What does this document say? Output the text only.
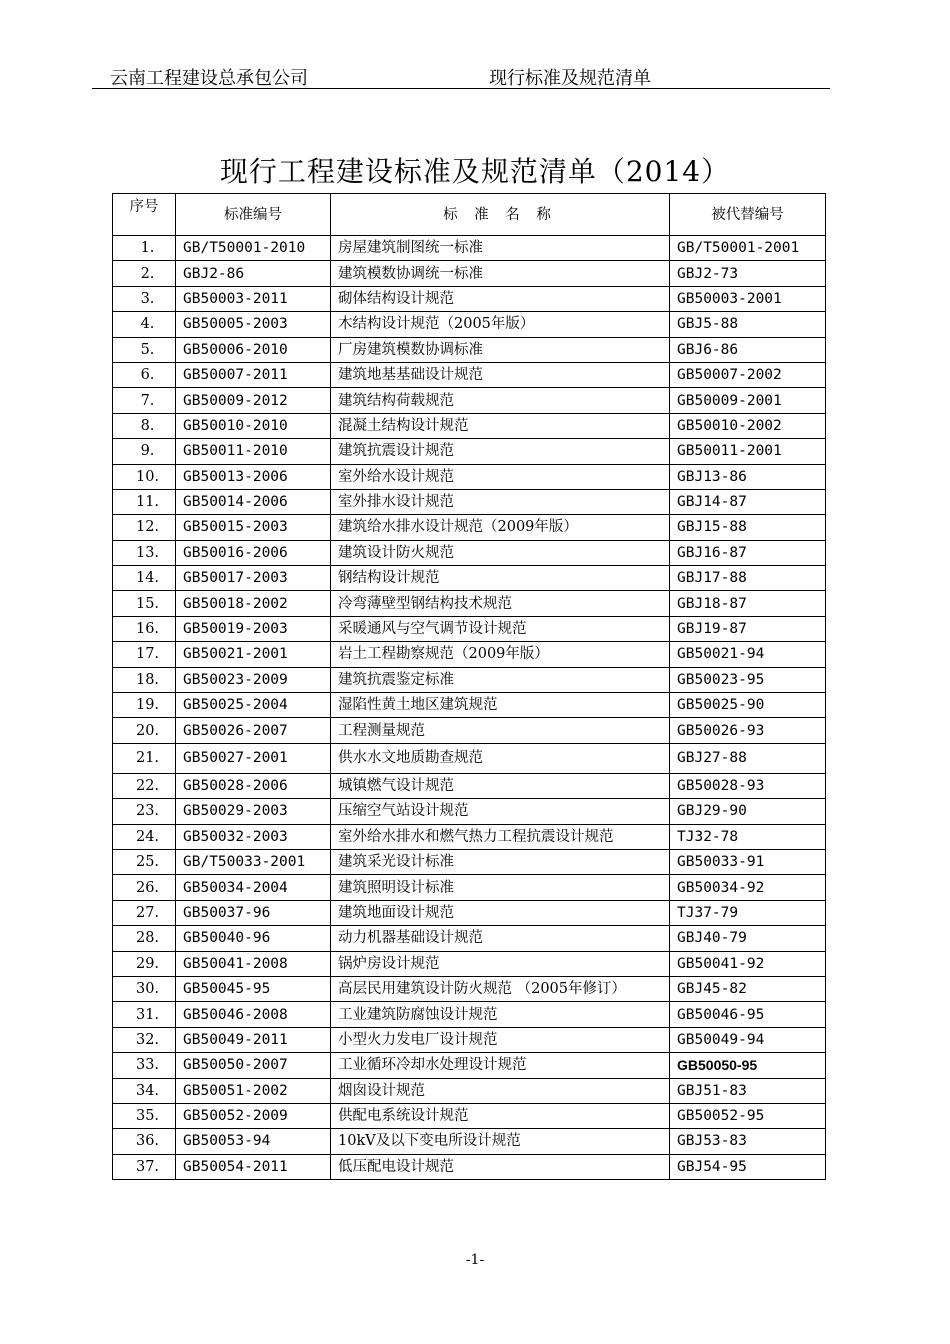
云南工程建设总承包公司	现行标准及规范清单
现行工程建设标准及规范清单（2014）
序号	标准编号	标 准 名 称	被代替编号
1.	GB/T50001-2010	房屋建筑制图统一标准	GB/T50001-2001
2.	GBJ2-86	建筑模数协调统一标准	GBJ2-73
3.	GB50003-2011	砌体结构设计规范	GB50003-2001
4.	GB50005-2003	木结构设计规范（2005年版）	GBJ5-88
5.	GB50006-2010	厂房建筑模数协调标准	GBJ6-86
6.	GB50007-2011	建筑地基基础设计规范	GB50007-2002
7.	GB50009-2012	建筑结构荷载规范	GB50009-2001
8.	GB50010-2010	混凝土结构设计规范	GB50010-2002
9.	GB50011-2010	建筑抗震设计规范	GB50011-2001
10.	GB50013-2006	室外给水设计规范	GBJ13-86
11.	GB50014-2006	室外排水设计规范	GBJ14-87
12.	GB50015-2003	建筑给水排水设计规范（2009年版）	GBJ15-88
13.	GB50016-2006	建筑设计防火规范	GBJ16-87
14.	GB50017-2003	钢结构设计规范	GBJ17-88
15.	GB50018-2002	冷弯薄壁型钢结构技术规范	GBJ18-87
16.	GB50019-2003	采暖通风与空气调节设计规范	GBJ19-87
17.	GB50021-2001	岩土工程勘察规范（2009年版）	GB50021-94
18.	GB50023-2009	建筑抗震鉴定标准	GB50023-95
19.	GB50025-2004	湿陷性黄土地区建筑规范	GB50025-90
20.	GB50026-2007	工程测量规范	GB50026-93
21.	GB50027-2001	供水水文地质勘查规范	GBJ27-88
22.	GB50028-2006	城镇燃气设计规范	GB50028-93
23.	GB50029-2003	压缩空气站设计规范	GBJ29-90
24.	GB50032-2003	室外给水排水和燃气热力工程抗震设计规范	TJ32-78
25.	GB/T50033-2001	建筑采光设计标准	GB50033-91
26.	GB50034-2004	建筑照明设计标准	GB50034-92
27.	GB50037-96	建筑地面设计规范	TJ37-79
28.	GB50040-96	动力机器基础设计规范	GBJ40-79
29.	GB50041-2008	锅炉房设计规范	GB50041-92
30.	GB50045-95	高层民用建筑设计防火规范 （2005年修订）	GBJ45-82
31.	GB50046-2008	工业建筑防腐蚀设计规范	GB50046-95
32.	GB50049-2011	小型火力发电厂设计规范	GB50049-94
33.	GB50050-2007	工业循环冷却水处理设计规范	GB50050-95
34.	GB50051-2002	烟囱设计规范	GBJ51-83
35.	GB50052-2009	供配电系统设计规范	GB50052-95
36.	GB50053-94	10kV及以下变电所设计规范	GBJ53-83
37.	GB50054-2011	低压配电设计规范	GBJ54-95
-1-
